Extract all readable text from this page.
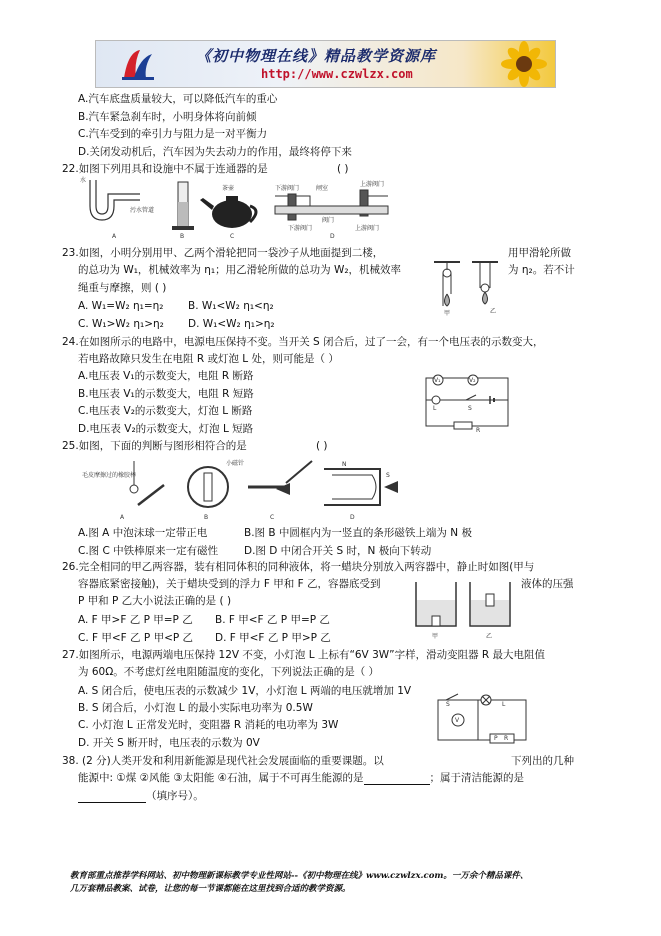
《初中物理在线》精品教学资源库
http://www.czwlzx.com
A.汽车底盘质量较大，可以降低汽车的重心
B.汽车紧急刹车时，小明身体将向前倾
C.汽车受到的牵引力与阻力是一对平衡力
D.关闭发动机后，汽车因为失去动力的作用，最终将停下来
22.如图下列用具和设施中不属于连通器的是	( )
水
污水管道
A	B
茶壶
C
下游阀门	闸室
上游阀门
阀门
下游阀门	上游阀门
D
23.如图，小明分别用甲、乙两个滑轮把同一袋沙子从地面提到二楼，	用甲滑轮所做
的总功为 W₁，机械效率为 η₁；用乙滑轮所做的总功为 W₂，机械效率	为 η₂。若不计
绳重与摩擦，则 ( )
A. W₁=W₂ η₁=η₂ B. W₁<W₂ η₁<η₂
C. W₁>W₂ η₁>η₂ D. W₁<W₂ η₁>η₂
甲	乙
24.在如图所示的电路中，电源电压保持不变。当开关 S 闭合后，过了一会，有一个电压表的示数变大，
若电路故障只发生在电阻 R 或灯泡 L 处，则可能是（ ）
A.电压表 V₁的示数变大，电阻 R 断路
B.电压表 V₁的示数变大，电阻 R 短路
C.电压表 V₂的示数变大，灯泡 L 断路
D.电压表 V₂的示数变大，灯泡 L 短路
V₁	V₂
L	S
R
25.如图，下面的判断与图形相符合的是	( )
毛皮摩擦过的橡胶棒
A
小磁针
B	C
N
S
D
A.图 A 中泡沫球一定带正电	B.图 B 中圆框内为一竖直的条形磁铁上端为 N 极
C.图 C 中铁棒原来一定有磁性 D.图 D 中闭合开关 S 时，N 极向下转动
26.完全相同的甲乙两容器，装有相同体积的同种液体，将一蜡块分别放入两容器中，静止时如图(甲与
容器底紧密接触)，关于蜡块受到的浮力 F 甲和 F 乙，容器底受到	液体的压强
P 甲和 P 乙大小说法正确的是 ( )
A. F 甲>F 乙 P 甲=P 乙 B. F 甲<F 乙 P 甲=P 乙
C. F 甲<F 乙 P 甲<P 乙 D. F 甲<F 乙 P 甲>P 乙	甲	乙
27.如图所示，电源两端电压保持 12V 不变，小灯泡 L 上标有“6V 3W”字样，滑动变阻器 R 最大电阻值
为 60Ω。不考虑灯丝电阻随温度的变化，下列说法正确的是（ ）
A. S 闭合后，使电压表的示数减少 1V，小灯泡 L 两端的电压就增加 1V
B. S 闭合后，小灯泡 L 的最小实际电功率为 0.5W
C. 小灯泡 L 正常发光时，变阻器 R 消耗的电功率为 3W
D. 开关 S 断开时，电压表的示数为 0V
S	L
V
P R
38. (2 分)人类开发和利用新能源是现代社会发展面临的重要课题。以	下列出的几种
能源中: ①煤 ②风能 ③太阳能 ④石油，属于不可再生能源的是	；属于清洁能源的是
（填序号）。
教育部重点推荐学科网站、初中物理新课标教学专业性网站--《初中物理在线》www.czwlzx.com。一万余个精品课件、
几万套精品教案、试卷，让您的每一节课都能在这里找到合适的教学资源。
